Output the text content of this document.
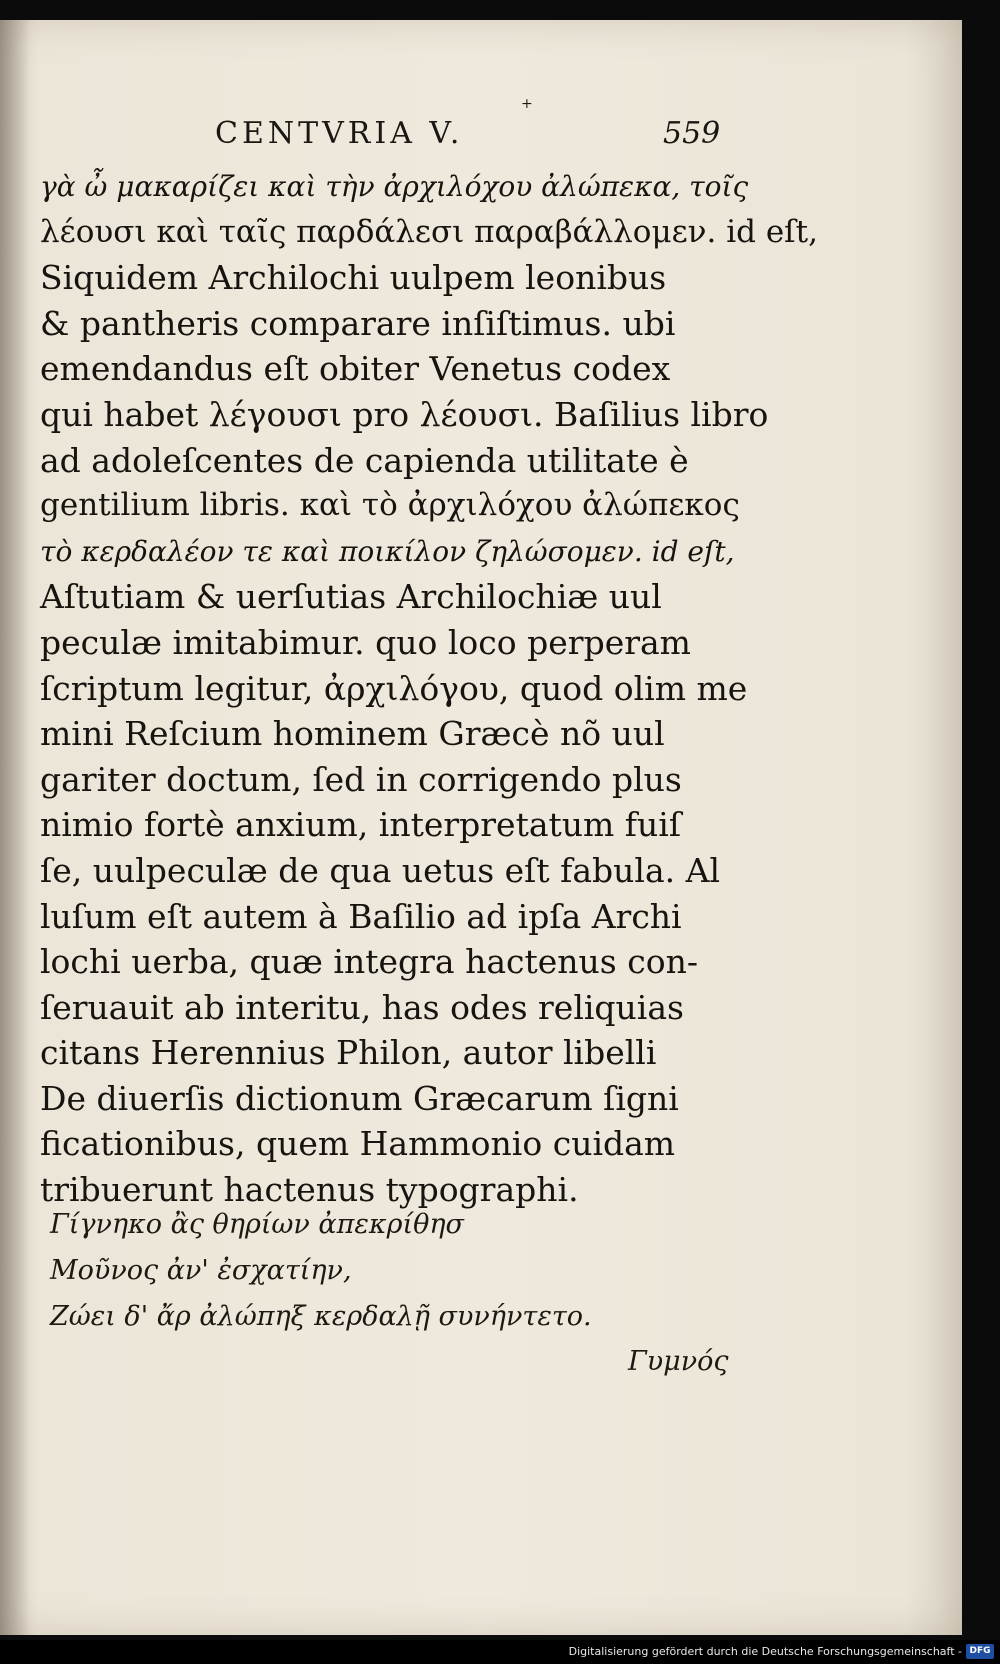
+
CENTVRIA V.	559
γὰ ὦ μακαρίζει καὶ τὴν ἀρχιλόχου ἀλώπεκα, τοῖς
λέουσι καὶ ταῖς παρδάλεσι παραβάλλομεν. id eſt,
Siquidem Archilochi uulpem leonibus
& pantheris comparare inſiſtimus. ubi
emendandus eſt obiter Venetus codex
qui habet λέγουσι pro λέουσι. Baſilius libro
ad adoleſcentes de capienda utilitate è
gentilium libris. καὶ τὸ ἀρχιλόχου ἀλώπεκος
τὸ κερδαλέον τε καὶ ποικίλον ζηλώσομεν. id eſt,
Aſtutiam & uerſutias Archilochiæ uul
peculæ imitabimur. quo loco perperam
ſcriptum legitur, ἀρχιλόγου, quod olim me
mini Reſcium hominem Græcè nõ uul
gariter doctum, ſed in corrigendo plus
nimio fortè anxium, interpretatum fuiſ
ſe, uulpeculæ de qua uetus eſt fabula. Al
luſum eſt autem à Baſilio ad ipſa Archi
lochi uerba, quæ integra hactenus con-
ſeruauit ab interitu, has odes reliquias
citans Herennius Philon, autor libelli
De diuerſis dictionum Græcarum ſigni
ficationibus, quem Hammonio cuidam
tribuerunt hactenus typographi.
Γίγνηκο ἂς θηρίων ἀπεκρίθησ
Μοῦνος ἀν' ἐσχατίην,
Ζώει δ' ἄρ ἀλώπηξ κερδαλῇ συνήντετο.
Γυμνός
Digitalisierung gefördert durch die Deutsche Forschungsgemeinschaft - DFG
